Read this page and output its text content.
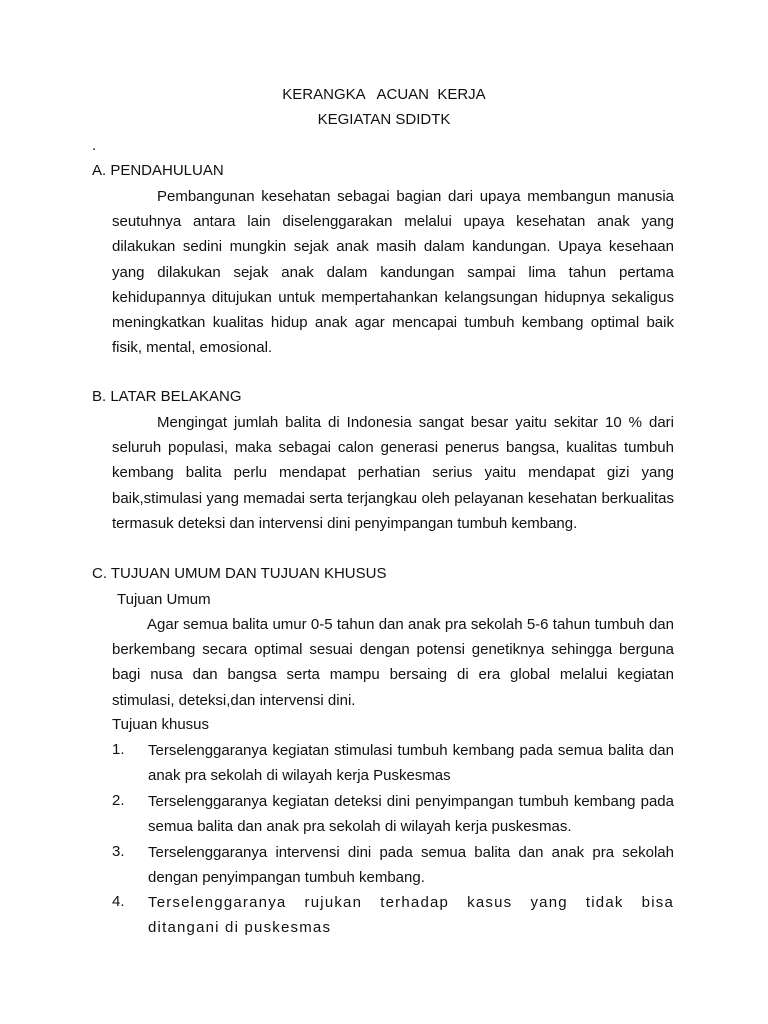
KERANGKA   ACUAN  KERJA
KEGIATAN SDIDTK
.
A. PENDAHULUAN
Pembangunan kesehatan sebagai bagian dari upaya membangun manusia seutuhnya antara lain diselenggarakan melalui upaya kesehatan anak yang dilakukan sedini mungkin sejak anak masih dalam kandungan. Upaya kesehaan yang dilakukan sejak anak dalam kandungan sampai lima tahun pertama kehidupannya ditujukan untuk mempertahankan kelangsungan hidupnya sekaligus meningkatkan kualitas hidup anak agar mencapai tumbuh kembang optimal baik fisik, mental, emosional.
B. LATAR BELAKANG
Mengingat jumlah balita di Indonesia sangat besar yaitu sekitar 10 % dari seluruh populasi, maka sebagai calon generasi penerus bangsa, kualitas tumbuh kembang balita perlu mendapat perhatian serius yaitu mendapat gizi yang baik,stimulasi yang memadai serta terjangkau oleh pelayanan kesehatan berkualitas termasuk deteksi dan intervensi dini penyimpangan tumbuh kembang.
C. TUJUAN UMUM DAN TUJUAN KHUSUS
Tujuan Umum
Agar semua balita umur 0-5 tahun dan anak pra sekolah 5-6 tahun tumbuh dan berkembang secara optimal sesuai dengan potensi genetiknya sehingga berguna bagi nusa dan bangsa serta mampu bersaing di era global melalui kegiatan stimulasi, deteksi,dan intervensi dini.
Tujuan khusus
1. Terselenggaranya kegiatan stimulasi tumbuh kembang pada semua balita dan anak pra sekolah di wilayah kerja Puskesmas
2. Terselenggaranya kegiatan deteksi dini penyimpangan tumbuh kembang pada semua balita dan anak pra sekolah di wilayah kerja puskesmas.
3. Terselenggaranya intervensi dini pada semua balita dan anak pra sekolah dengan penyimpangan tumbuh kembang.
4. Terselenggaranya rujukan terhadap kasus yang tidak bisa ditangani di puskesmas
